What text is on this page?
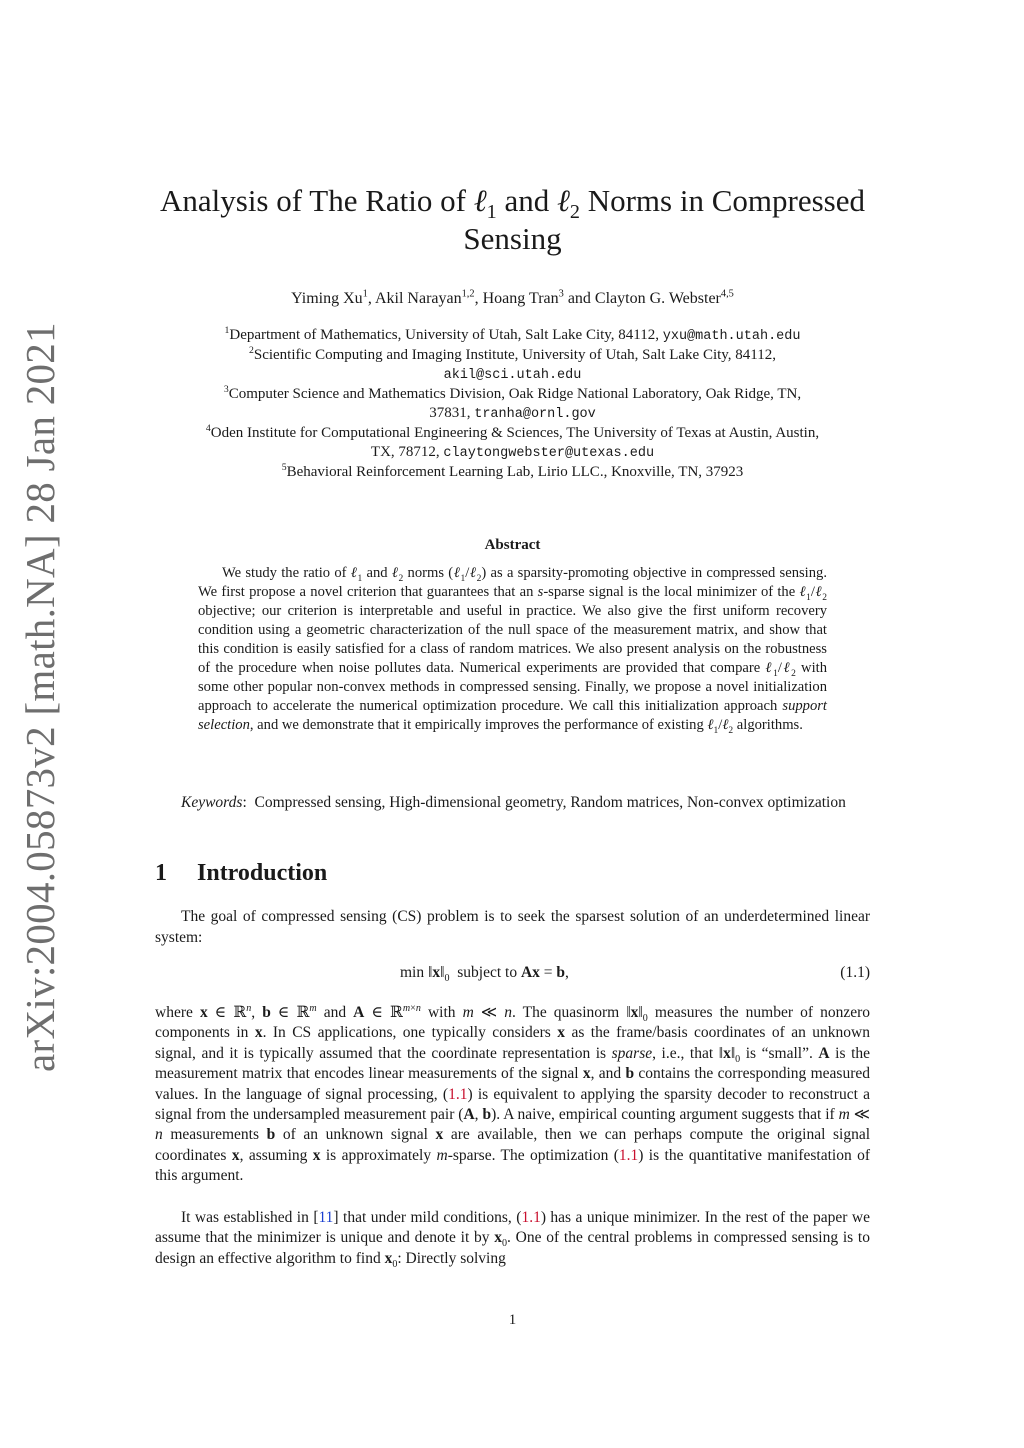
arXiv:2004.05873v2 [math.NA] 28 Jan 2021
Analysis of The Ratio of ℓ$_1$ and ℓ$_2$ Norms in Compressed
Sensing
Yiming Xu$^1$, Akil Narayan$^{1,2}$, Hoang Tran$^3$ and Clayton G. Webster$^{4,5}$
$^1$Department of Mathematics, University of Utah, Salt Lake City, 84112, yxu@math.utah.edu
$^2$Scientific Computing and Imaging Institute, University of Utah, Salt Lake City, 84112,
akil@sci.utah.edu
$^3$Computer Science and Mathematics Division, Oak Ridge National Laboratory, Oak Ridge, TN,
37831, tranha@ornl.gov
$^4$Oden Institute for Computational Engineering & Sciences, The University of Texas at Austin, Austin,
TX, 78712, claytongwebster@utexas.edu
$^5$Behavioral Reinforcement Learning Lab, Lirio LLC., Knoxville, TN, 37923
Abstract
We study the ratio of ℓ$_1$ and ℓ$_2$ norms (ℓ$_1$/ℓ$_2$) as a sparsity-promoting objective in compressed sensing. We first propose a novel criterion that guarantees that an s-sparse signal is the local minimizer of the ℓ$_1$/ℓ$_2$ objective; our criterion is interpretable and useful in practice. We also give the first uniform recovery condition using a geometric characterization of the null space of the measurement matrix, and show that this condition is easily satisfied for a class of random matrices. We also present analysis on the robustness of the procedure when noise pollutes data. Numerical experiments are provided that compare ℓ$_1$/ℓ$_2$ with some other popular non-convex methods in compressed sensing. Finally, we propose a novel initialization approach to accelerate the numerical optimization procedure. We call this initialization approach support selection, and we demonstrate that it empirically improves the performance of existing ℓ$_1$/ℓ$_2$ algorithms.
Keywords:  Compressed sensing, High-dimensional geometry, Random matrices, Non-convex optimization
1 Introduction
The goal of compressed sensing (CS) problem is to seek the sparsest solution of an underdetermined linear system:
$\min ‖x‖_0$  subject to Ax = b,	(1.1)
where x ∈ ℝ$^n$, b ∈ ℝ$^m$ and A ∈ ℝ$^{m\times n}$ with m ≪ n. The quasinorm $‖x‖_0$ measures the number of nonzero components in x. In CS applications, one typically considers x as the frame/basis coordinates of an unknown signal, and it is typically assumed that the coordinate representation is sparse, i.e., that $‖x‖_0$ is “small”. A is the measurement matrix that encodes linear measurements of the signal x, and b contains the corresponding measured values. In the language of signal processing, (1.1) is equivalent to applying the sparsity decoder to reconstruct a signal from the undersampled measurement pair (A, b). A naive, empirical counting argument suggests that if m ≪ n measurements b of an unknown signal x are available, then we can perhaps compute the original signal coordinates x, assuming x is approximately m-sparse. The optimization (1.1) is the quantitative manifestation of this argument.
It was established in [11] that under mild conditions, (1.1) has a unique minimizer. In the rest of the paper we assume that the minimizer is unique and denote it by $x_0$. One of the central problems in compressed sensing is to design an effective algorithm to find $x_0$: Directly solving
1
